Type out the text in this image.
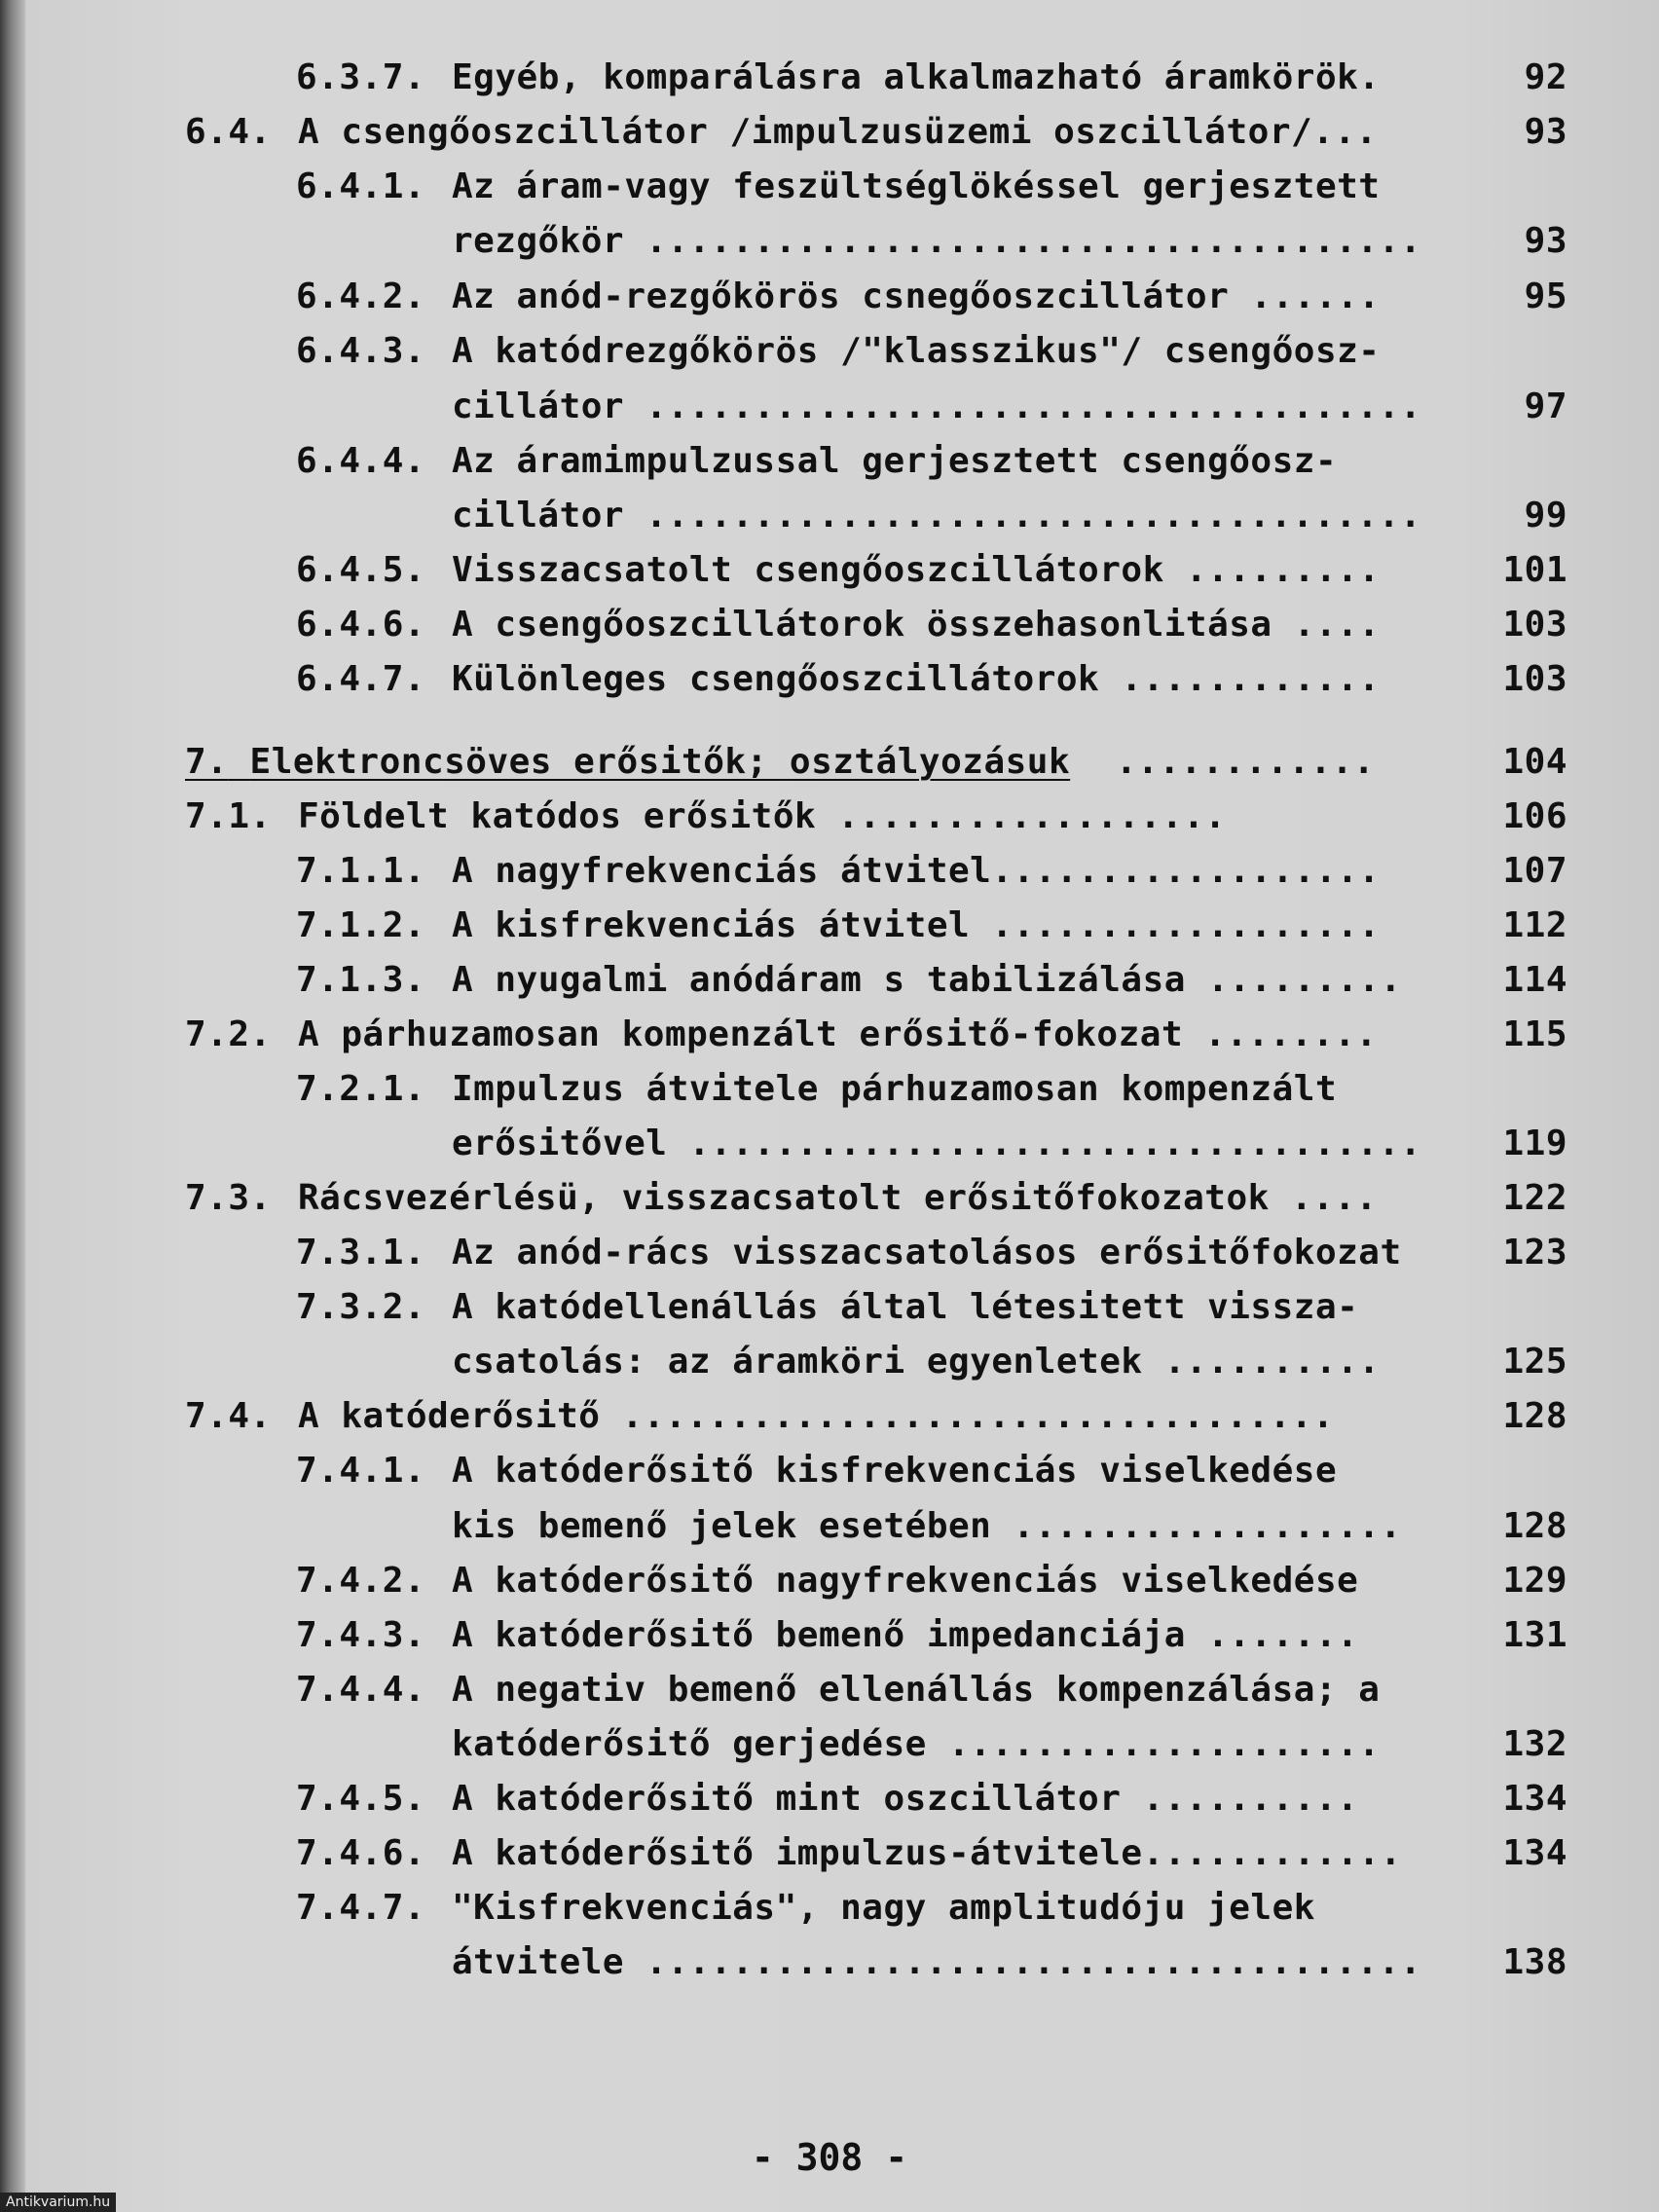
6.3.7. Egyéb, komparálásra alkalmazható áramkörök.	92
6.4. A csengőoszcillátor /impulzusüzemi oszcillátor/...	93
6.4.1. Az áram-vagy feszültséglökéssel gerjesztett
rezgőkör ....................................	93
6.4.2. Az anód-rezgőkörös csnegőoszcillátor ......	95
6.4.3. A katódrezgőkörös /"klasszikus"/ csengőosz-
cillátor ....................................	97
6.4.4. Az áramimpulzussal gerjesztett csengőosz-
cillátor ....................................	99
6.4.5. Visszacsatolt csengőoszcillátorok .........	101
6.4.6. A csengőoszcillátorok összehasonlitása ....	103
6.4.7. Különleges csengőoszcillátorok ............	103
7. Elektroncsöves erősitők; osztályozásuk ............	104
7.1. Földelt katódos erősitők ..................	106
7.1.1. A nagyfrekvenciás átvitel..................	107
7.1.2. A kisfrekvenciás átvitel ..................	112
7.1.3. A nyugalmi anódáram s tabilizálása .........	114
7.2. A párhuzamosan kompenzált erősitő-fokozat ........	115
7.2.1. Impulzus átvitele párhuzamosan kompenzált
erősitővel ..................................	119
7.3. Rácsvezérlésü, visszacsatolt erősitőfokozatok ....	122
7.3.1. Az anód-rács visszacsatolásos erősitőfokozat	123
7.3.2. A katódellenállás által létesitett vissza-
csatolás: az áramköri egyenletek ..........	125
7.4. A katóderősitő .................................	128
7.4.1. A katóderősitő kisfrekvenciás viselkedése
kis bemenő jelek esetében ..................	128
7.4.2. A katóderősitő nagyfrekvenciás viselkedése	129
7.4.3. A katóderősitő bemenő impedanciája .......	131
7.4.4. A negativ bemenő ellenállás kompenzálása; a
katóderősitő gerjedése ....................	132
7.4.5. A katóderősitő mint oszcillátor ..........	134
7.4.6. A katóderősitő impulzus-átvitele............	134
7.4.7. "Kisfrekvenciás", nagy amplitudóju jelek
átvitele ....................................	138
- 308 -
Antikvarium.hu
